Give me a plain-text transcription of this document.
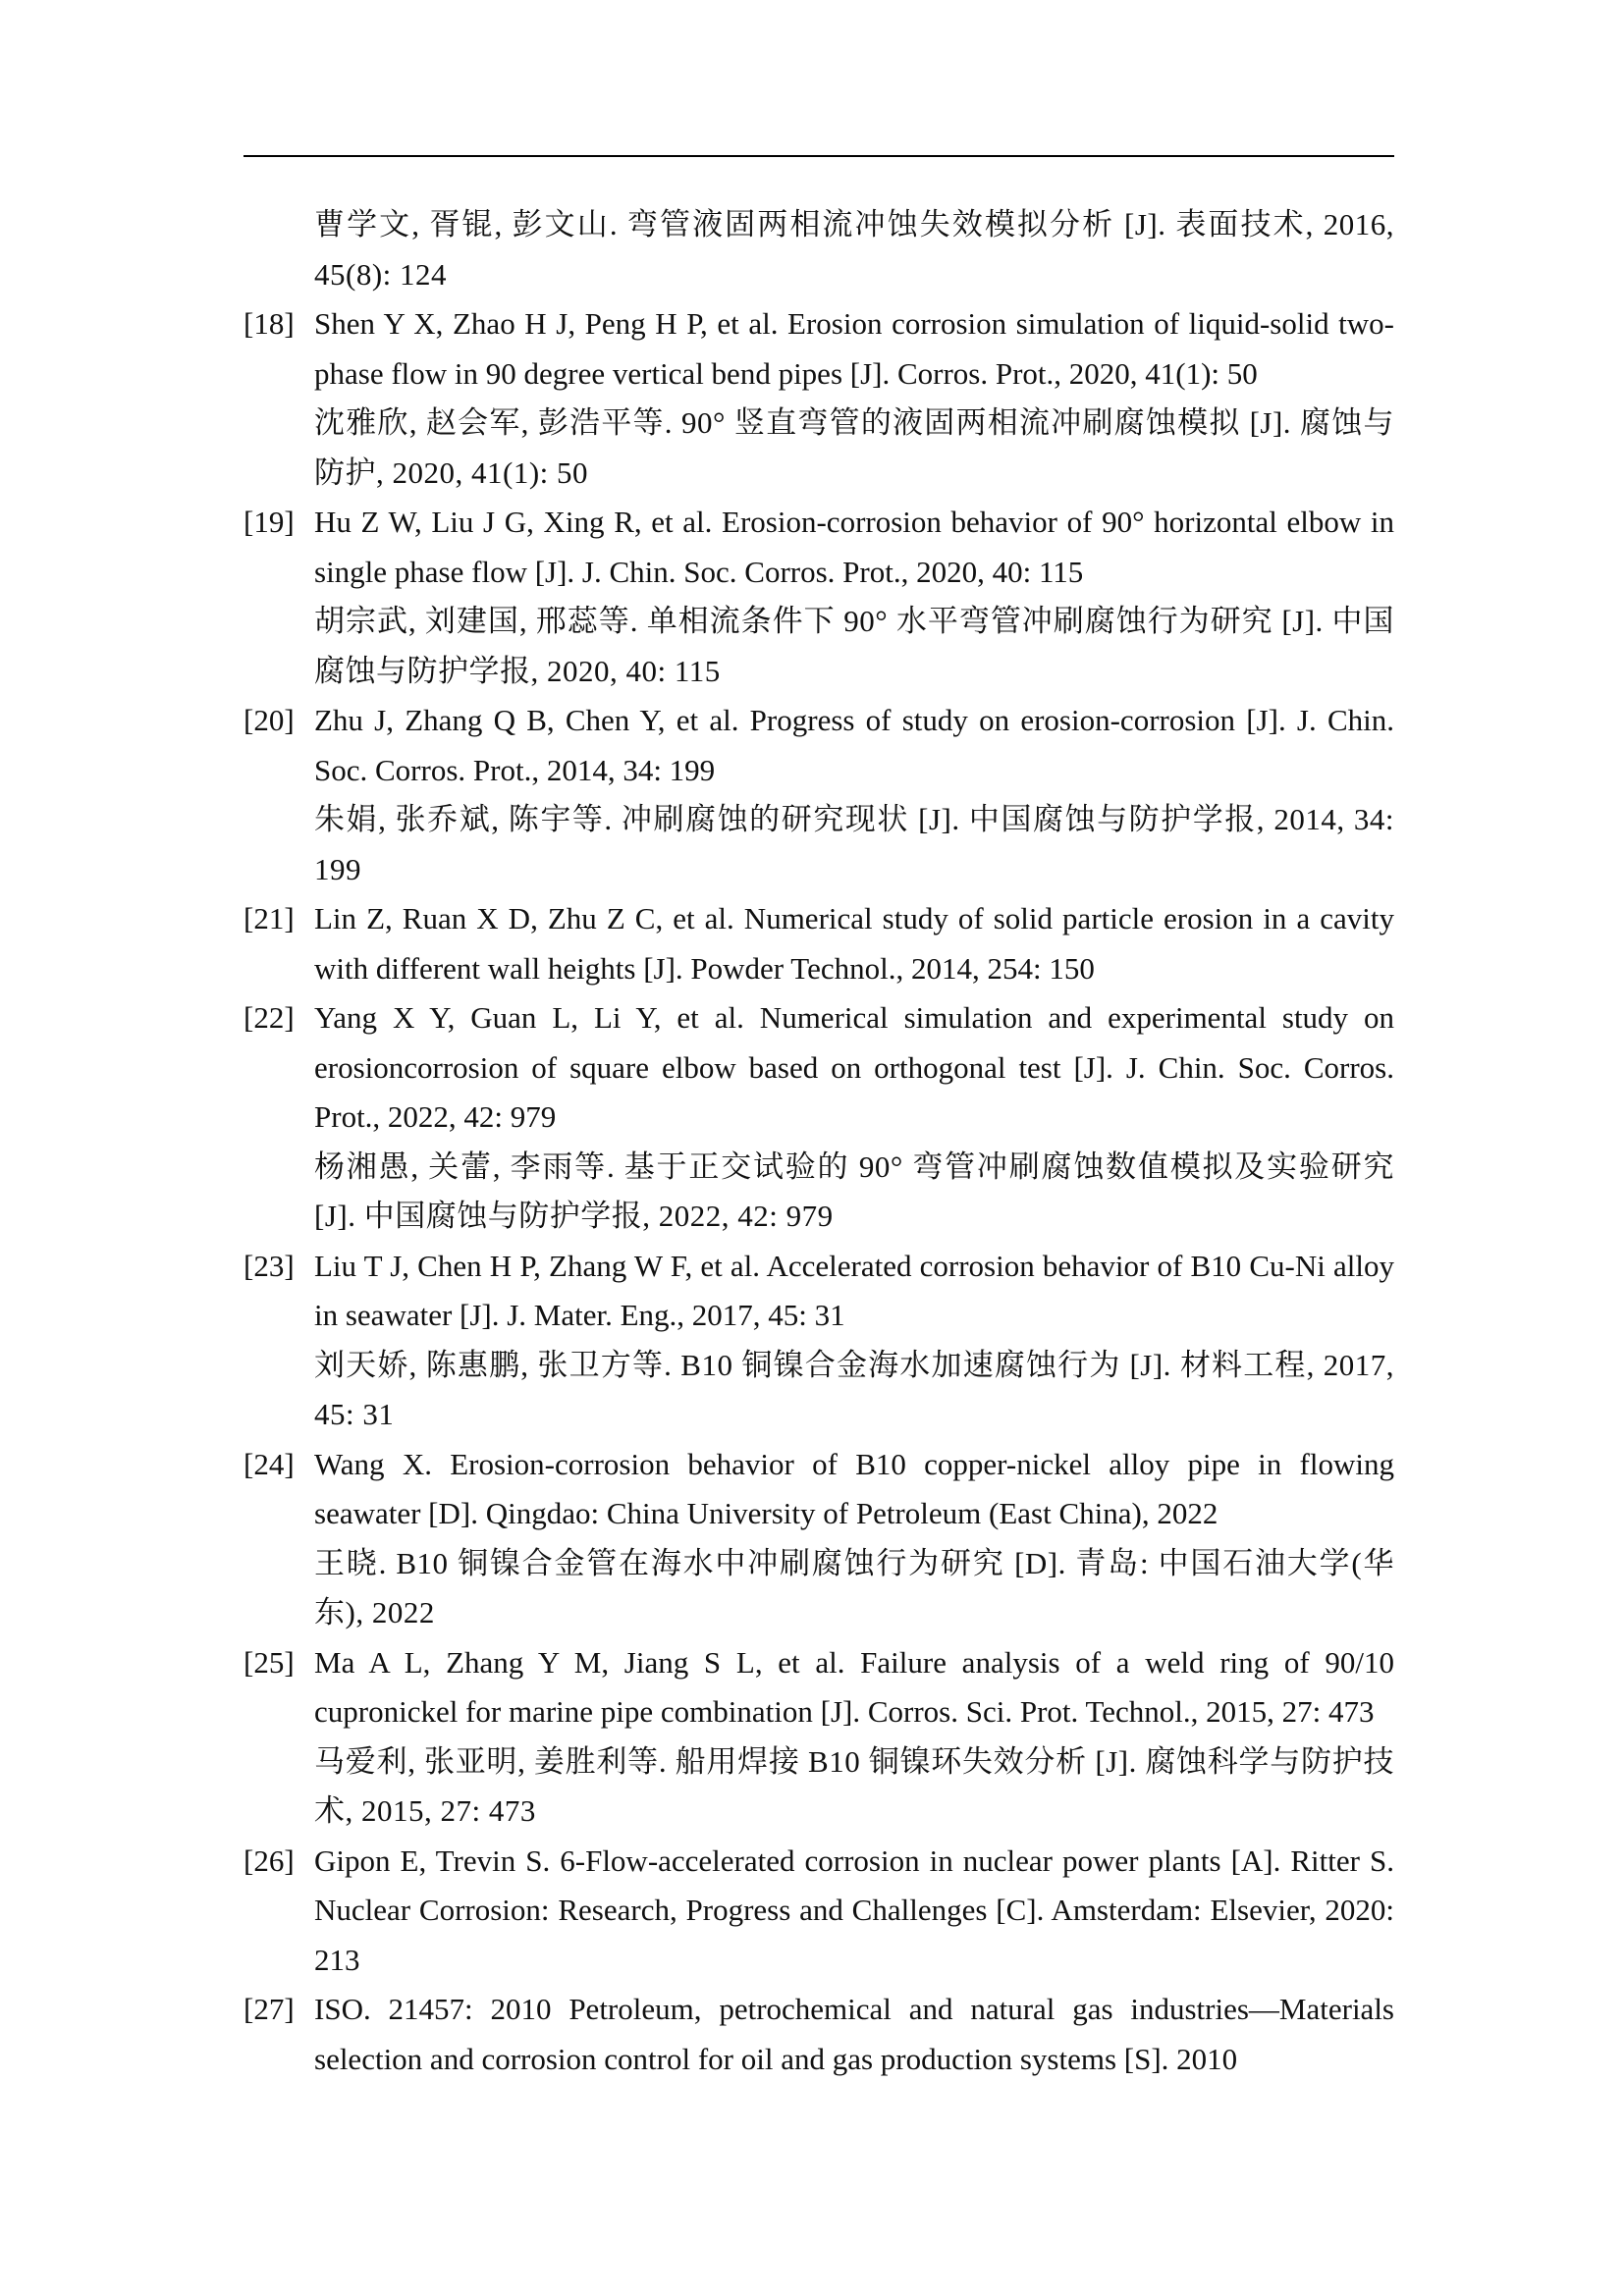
曹学文, 胥锟, 彭文山. 弯管液固两相流冲蚀失效模拟分析 [J]. 表面技术, 2016, 45(8): 124

[18] Shen Y X, Zhao H J, Peng H P, et al. Erosion corrosion simulation of liquid-solid two-phase flow in 90 degree vertical bend pipes [J]. Corros. Prot., 2020, 41(1): 50

沈雅欣, 赵会军, 彭浩平等. 90° 竖直弯管的液固两相流冲刷腐蚀模拟 [J]. 腐蚀与防护, 2020, 41(1): 50

[19] Hu Z W, Liu J G, Xing R, et al. Erosion-corrosion behavior of 90° horizontal elbow in single phase flow [J]. J. Chin. Soc. Corros. Prot., 2020, 40: 115

胡宗武, 刘建国, 邢蕊等. 单相流条件下 90° 水平弯管冲刷腐蚀行为研究 [J]. 中国腐蚀与防护学报, 2020, 40: 115

[20] Zhu J, Zhang Q B, Chen Y, et al. Progress of study on erosion-corrosion [J]. J. Chin. Soc. Corros. Prot., 2014, 34: 199

朱娟, 张乔斌, 陈宇等. 冲刷腐蚀的研究现状 [J]. 中国腐蚀与防护学报, 2014, 34: 199

[21] Lin Z, Ruan X D, Zhu Z C, et al. Numerical study of solid particle erosion in a cavity with different wall heights [J]. Powder Technol., 2014, 254: 150

[22] Yang X Y, Guan L, Li Y, et al. Numerical simulation and experimental study on erosioncorrosion of square elbow based on orthogonal test [J]. J. Chin. Soc. Corros. Prot., 2022, 42: 979

杨湘愚, 关蕾, 李雨等. 基于正交试验的 90° 弯管冲刷腐蚀数值模拟及实验研究 [J]. 中国腐蚀与防护学报, 2022, 42: 979

[23] Liu T J, Chen H P, Zhang W F, et al. Accelerated corrosion behavior of B10 Cu-Ni alloy in seawater [J]. J. Mater. Eng., 2017, 45: 31

刘天娇, 陈惠鹏, 张卫方等. B10 铜镍合金海水加速腐蚀行为 [J]. 材料工程, 2017, 45: 31

[24] Wang X. Erosion-corrosion behavior of B10 copper-nickel alloy pipe in flowing seawater [D]. Qingdao: China University of Petroleum (East China), 2022

王晓. B10 铜镍合金管在海水中冲刷腐蚀行为研究 [D]. 青岛: 中国石油大学(华东), 2022

[25] Ma A L, Zhang Y M, Jiang S L, et al. Failure analysis of a weld ring of 90/10 cupronickel for marine pipe combination [J]. Corros. Sci. Prot. Technol., 2015, 27: 473

马爱利, 张亚明, 姜胜利等. 船用焊接 B10 铜镍环失效分析 [J]. 腐蚀科学与防护技术, 2015, 27: 473

[26] Gipon E, Trevin S. 6-Flow-accelerated corrosion in nuclear power plants [A]. Ritter S. Nuclear Corrosion: Research, Progress and Challenges [C]. Amsterdam: Elsevier, 2020: 213

[27] ISO. 21457: 2010 Petroleum, petrochemical and natural gas industries—Materials selection and corrosion control for oil and gas production systems [S]. 2010
